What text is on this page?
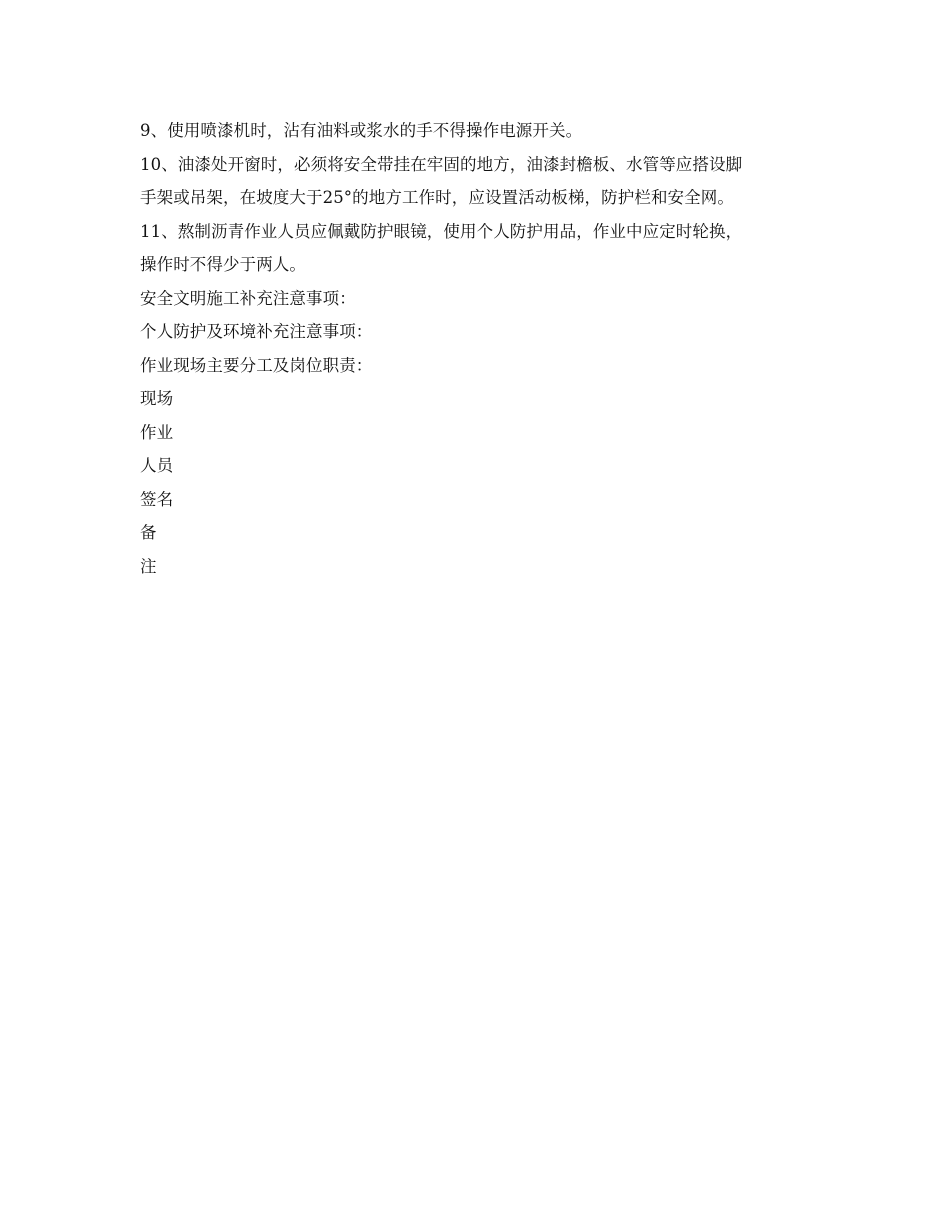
9、使用喷漆机时，沾有油料或浆水的手不得操作电源开关。
10、油漆处开窗时，必须将安全带挂在牢固的地方，油漆封檐板、水管等应搭设脚
手架或吊架，在坡度大于25°的地方工作时，应设置活动板梯，防护栏和安全网。
11、熬制沥青作业人员应佩戴防护眼镜，使用个人防护用品，作业中应定时轮换，
操作时不得少于两人。
安全文明施工补充注意事项：
个人防护及环境补充注意事项：
作业现场主要分工及岗位职责：
现场
作业
人员
签名
备
注
